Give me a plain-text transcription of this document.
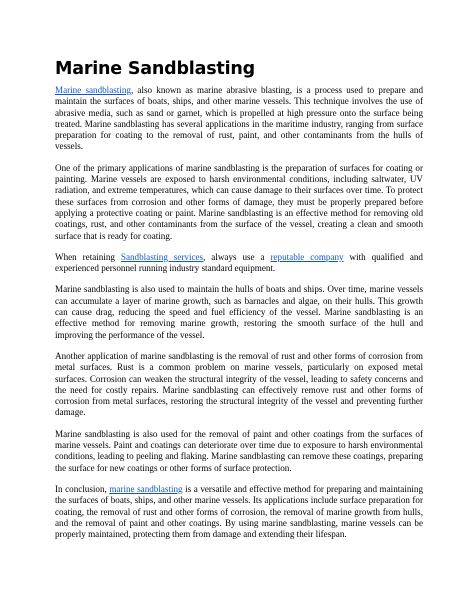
Marine Sandblasting

Marine sandblasting, also known as marine abrasive blasting, is a process used to prepare and maintain the surfaces of boats, ships, and other marine vessels. This technique involves the use of abrasive media, such as sand or garnet, which is propelled at high pressure onto the surface being treated. Marine sandblasting has several applications in the maritime industry, ranging from surface preparation for coating to the removal of rust, paint, and other contaminants from the hulls of vessels.

One of the primary applications of marine sandblasting is the preparation of surfaces for coating or painting. Marine vessels are exposed to harsh environmental conditions, including saltwater, UV radiation, and extreme temperatures, which can cause damage to their surfaces over time. To protect these surfaces from corrosion and other forms of damage, they must be properly prepared before applying a protective coating or paint. Marine sandblasting is an effective method for removing old coatings, rust, and other contaminants from the surface of the vessel, creating a clean and smooth surface that is ready for coating.

When retaining Sandblasting services, always use a reputable company with qualified and experienced personnel running industry standard equipment.

Marine sandblasting is also used to maintain the hulls of boats and ships. Over time, marine vessels can accumulate a layer of marine growth, such as barnacles and algae, on their hulls. This growth can cause drag, reducing the speed and fuel efficiency of the vessel. Marine sandblasting is an effective method for removing marine growth, restoring the smooth surface of the hull and improving the performance of the vessel.

Another application of marine sandblasting is the removal of rust and other forms of corrosion from metal surfaces. Rust is a common problem on marine vessels, particularly on exposed metal surfaces. Corrosion can weaken the structural integrity of the vessel, leading to safety concerns and the need for costly repairs. Marine sandblasting can effectively remove rust and other forms of corrosion from metal surfaces, restoring the structural integrity of the vessel and preventing further damage.

Marine sandblasting is also used for the removal of paint and other coatings from the surfaces of marine vessels. Paint and coatings can deteriorate over time due to exposure to harsh environmental conditions, leading to peeling and flaking. Marine sandblasting can remove these coatings, preparing the surface for new coatings or other forms of surface protection.

In conclusion, marine sandblasting is a versatile and effective method for preparing and maintaining the surfaces of boats, ships, and other marine vessels. Its applications include surface preparation for coating, the removal of rust and other forms of corrosion, the removal of marine growth from hulls, and the removal of paint and other coatings. By using marine sandblasting, marine vessels can be properly maintained, protecting them from damage and extending their lifespan.
